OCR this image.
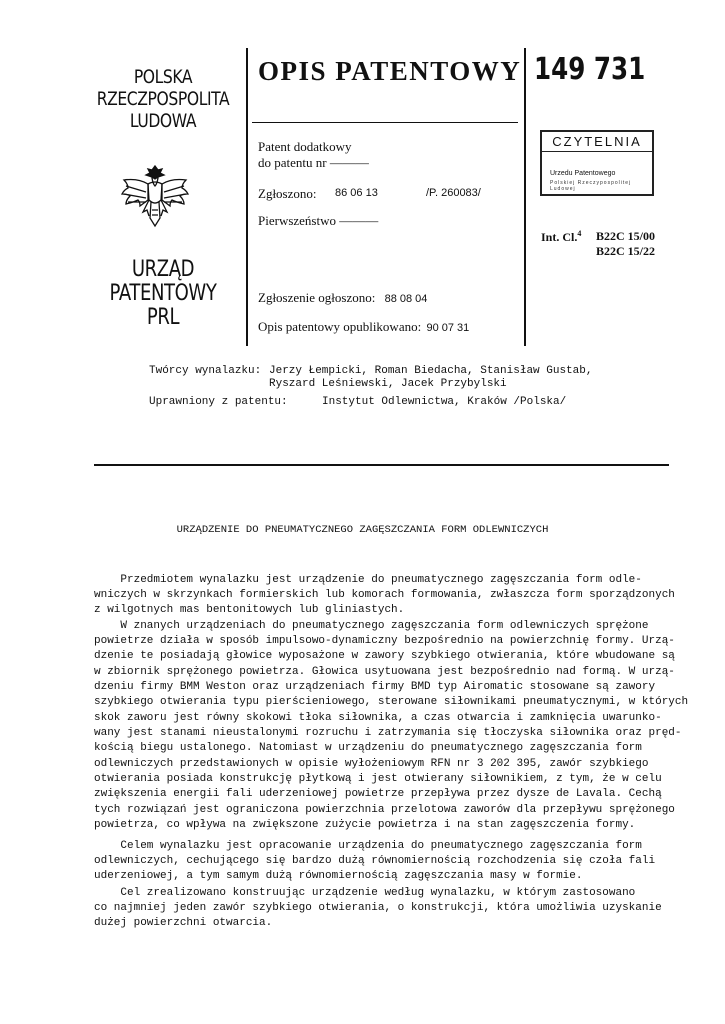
POLSKA
RZECZPOSPOLITA
LUDOWA
URZĄD
PATENTOWY
PRL
OPIS PATENTOWY 149 731
Patent dodatkowy
do patentu nr ———
Zgłoszono: 86 06 13	/P. 260083/
Pierwszeństwo ———
Zgłoszenie ogłoszono: 88 08 04
Opis patentowy opublikowano: 90 07 31
CZYTELNIA
Urzedu Patentowego
Polskiej Rzeczypospolitej Ludowej
Int. Cl.$^4$ B22C 15/00
B22C 15/22
Twórcy wynalazku: Jerzy Łempicki, Roman Biedacha, Stanisław Gustab,
Ryszard Leśniewski, Jacek Przybylski
Uprawniony z patentu:	Instytut Odlewnictwa, Kraków /Polska/
URZĄDZENIE DO PNEUMATYCZNEGO ZAGĘSZCZANIA FORM ODLEWNICZYCH
Przedmiotem wynalazku jest urządzenie do pneumatycznego zagęszczania form odle-
wniczych w skrzynkach formierskich lub komorach formowania, zwłaszcza form sporządzonych
z wilgotnych mas bentonitowych lub gliniastych.
W znanych urządzeniach do pneumatycznego zagęszczania form odlewniczych sprężone
powietrze działa w sposób impulsowo-dynamiczny bezpośrednio na powierzchnię formy. Urzą-
dzenie te posiadają głowice wyposażone w zawory szybkiego otwierania, które wbudowane są
w zbiornik sprężonego powietrza. Głowica usytuowana jest bezpośrednio nad formą. W urzą-
dzeniu firmy BMM Weston oraz urządzeniach firmy BMD typ Airomatic stosowane są zawory
szybkiego otwierania typu pierścieniowego, sterowane siłownikami pneumatycznymi, w których
skok zaworu jest równy skokowi tłoka siłownika, a czas otwarcia i zamknięcia uwarunko-
wany jest stanami nieustalonymi rozruchu i zatrzymania się tłoczyska siłownika oraz pręd-
kością biegu ustalonego. Natomiast w urządzeniu do pneumatycznego zagęszczania form
odlewniczych przedstawionych w opisie wyłożeniowym RFN nr 3 202 395, zawór szybkiego
otwierania posiada konstrukcję płytkową i jest otwierany siłownikiem, z tym, że w celu
zwiększenia energii fali uderzeniowej powietrze przepływa przez dysze de Lavala. Cechą
tych rozwiązań jest ograniczona powierzchnia przelotowa zaworów dla przepływu sprężonego
powietrza, co wpływa na zwiększone zużycie powietrza i na stan zagęszczenia formy.
Celem wynalazku jest opracowanie urządzenia do pneumatycznego zagęszczania form
odlewniczych, cechującego się bardzo dużą równomiernością rozchodzenia się czoła fali
uderzeniowej, a tym samym dużą równomiernością zagęszczania masy w formie.
Cel zrealizowano konstruując urządzenie według wynalazku, w którym zastosowano
co najmniej jeden zawór szybkiego otwierania, o konstrukcji, która umożliwia uzyskanie
dużej powierzchni otwarcia.
